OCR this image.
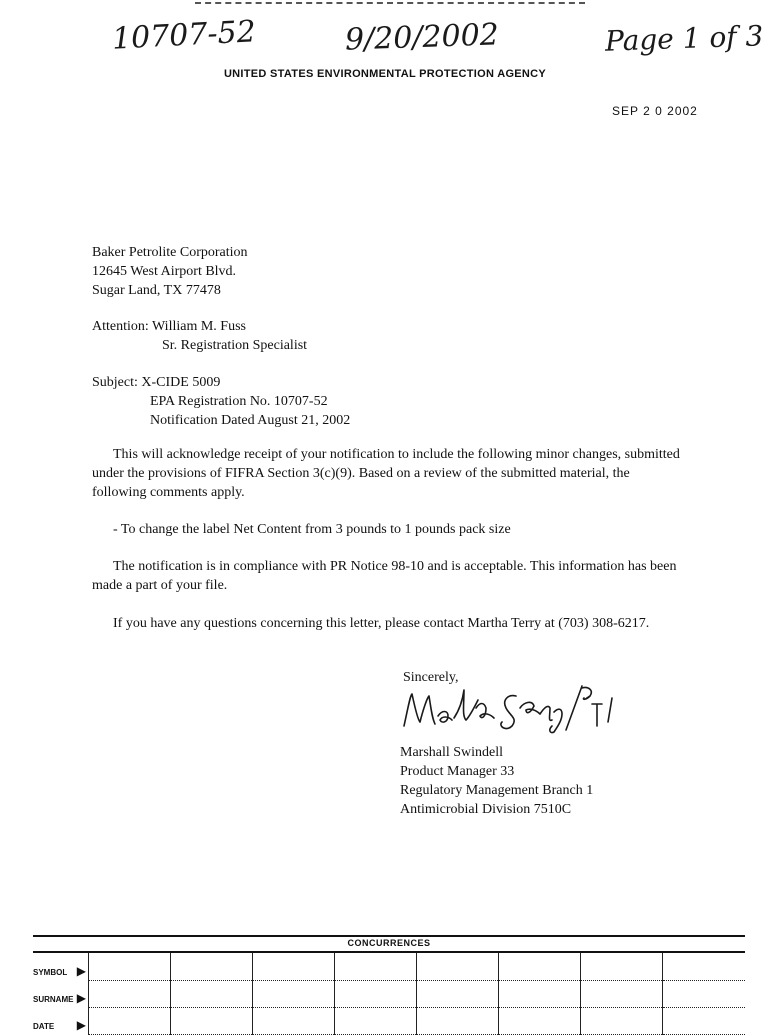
10707-52	9/20/2002	Page 1 of 3
UNITED STATES ENVIRONMENTAL PROTECTION AGENCY
SEP 2 0 2002
Baker Petrolite Corporation
12645 West Airport Blvd.
Sugar Land, TX 77478
Attention: William M. Fuss
Sr. Registration Specialist
Subject: X-CIDE 5009
EPA Registration No. 10707-52
Notification Dated August 21, 2002
This will acknowledge receipt of your notification to include the following minor changes, submitted under the provisions of FIFRA Section 3(c)(9). Based on a review of the submitted material, the following comments apply.
- To change the label Net Content from 3 pounds to 1 pounds pack size
The notification is in compliance with PR Notice 98-10 and is acceptable. This information has been made a part of your file.
If you have any questions concerning this letter, please contact Martha Terry at (703) 308-6217.
Sincerely,
Marshall Swindell
Product Manager 33
Regulatory Management Branch 1
Antimicrobial Division 7510C
CONCURRENCES
SYMBOL ▶								

SURNAME ▶								

DATE ▶								
